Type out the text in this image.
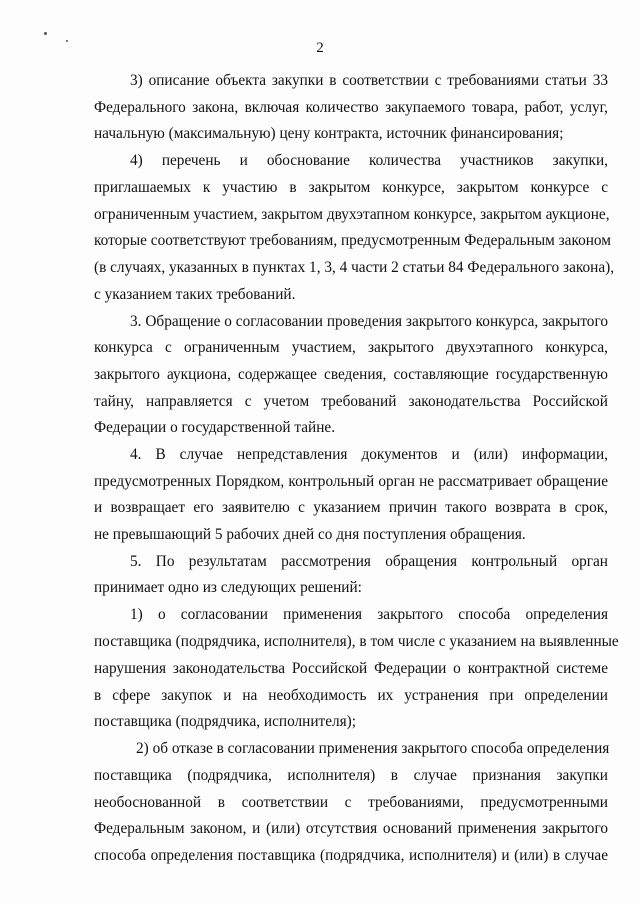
2
3) описание объекта закупки в соответствии с требованиями статьи 33
Федерального закона, включая количество закупаемого товара, работ, услуг,
начальную (максимальную) цену контракта, источник финансирования;
4) перечень и обоснование количества участников закупки,
приглашаемых к участию в закрытом конкурсе, закрытом конкурсе с
ограниченным участием, закрытом двухэтапном конкурсе, закрытом аукционе,
которые соответствуют требованиям, предусмотренным Федеральным законом
(в случаях, указанных в пунктах 1, 3, 4 части 2 статьи 84 Федерального закона),
с указанием таких требований.
3. Обращение о согласовании проведения закрытого конкурса, закрытого
конкурса с ограниченным участием, закрытого двухэтапного конкурса,
закрытого аукциона, содержащее сведения, составляющие государственную
тайну, направляется с учетом требований законодательства Российской
Федерации о государственной тайне.
4. В случае непредставления документов и (или) информации,
предусмотренных Порядком, контрольный орган не рассматривает обращение
и возвращает его заявителю с указанием причин такого возврата в срок,
не превышающий 5 рабочих дней со дня поступления обращения.
5. По результатам рассмотрения обращения контрольный орган
принимает одно из следующих решений:
1) о согласовании применения закрытого способа определения
поставщика (подрядчика, исполнителя), в том числе с указанием на выявленные
нарушения законодательства Российской Федерации о контрактной системе
в сфере закупок и на необходимость их устранения при определении
поставщика (подрядчика, исполнителя);
2) об отказе в согласовании применения закрытого способа определения
поставщика (подрядчика, исполнителя) в случае признания закупки
необоснованной в соответствии с требованиями, предусмотренными
Федеральным законом, и (или) отсутствия оснований применения закрытого
способа определения поставщика (подрядчика, исполнителя) и (или) в случае
